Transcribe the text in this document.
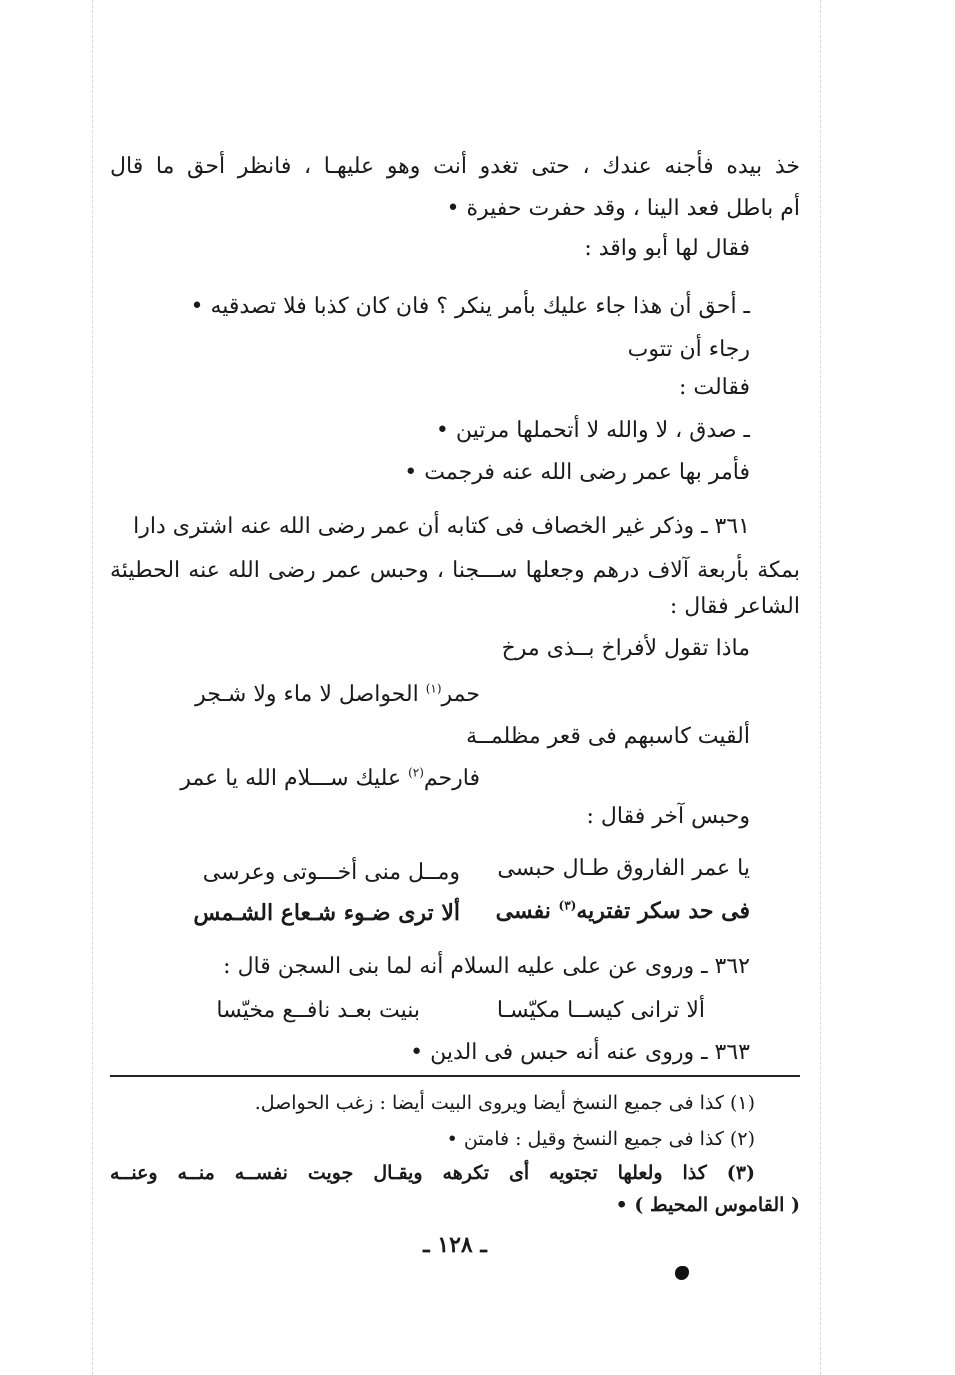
خذ بيده فأجنه عندك ، حتى تغدو أنت وهو عليهـا ، فانظر أحق ما قال
أم باطل فعد الينا ، وقد حفرت حفيرة •
فقال لها أبو واقد :
ـ أحق أن هذا جاء عليك بأمر ينكر ؟ فان كان كذبا فلا تصدقيه •
رجاء أن تتوب
فقالت :
ـ صدق ، لا والله لا أتحملها مرتين •
فأمر بها عمر رضى الله عنه فرجمت •
٣٦١ ـ وذكر غير الخصاف فى كتابه أن عمر رضى الله عنه اشترى دارا
بمكة بأربعة آلاف درهم وجعلها ســـجنا ، وحبس عمر رضى الله عنه الحطيئة
الشاعر فقال :
ماذا تقول لأفراخ بــذى مرخ
حمر$^{(١)}$ الحواصل لا ماء ولا شـجر
ألقيت كاسبهم فى قعر مظلمــة
فارحم$^{(٢)}$ عليك ســـلام الله يا عمر
وحبس آخر فقال :
يا عمر الفاروق طـال حبسى
ومــل منى أخـــوتى وعرسى
فى حد سكر تفتريه$^{(٣)}$ نفسى
ألا ترى ضـوء شـعاع الشـمس
٣٦٢ ـ وروى عن على عليه السلام أنه لما بنى السجن قال :
ألا ترانى كيســا مكيّسـا
بنيت بعـد نافــع مخيّسا
٣٦٣ ـ وروى عنه أنه حبس فى الدين •
(١) كذا فى جميع النسخ أيضا ويروى البيت أيضا : زغب الحواصل.
(٢) كذا فى جميع النسخ وقيل : فامتن •
(٣) كذا ولعلها تجتويه أى تكرهه ويقـال جويت نفســه منــه وعنــه
( القاموس المحيط ) •
ـ ١٢٨ ـ
